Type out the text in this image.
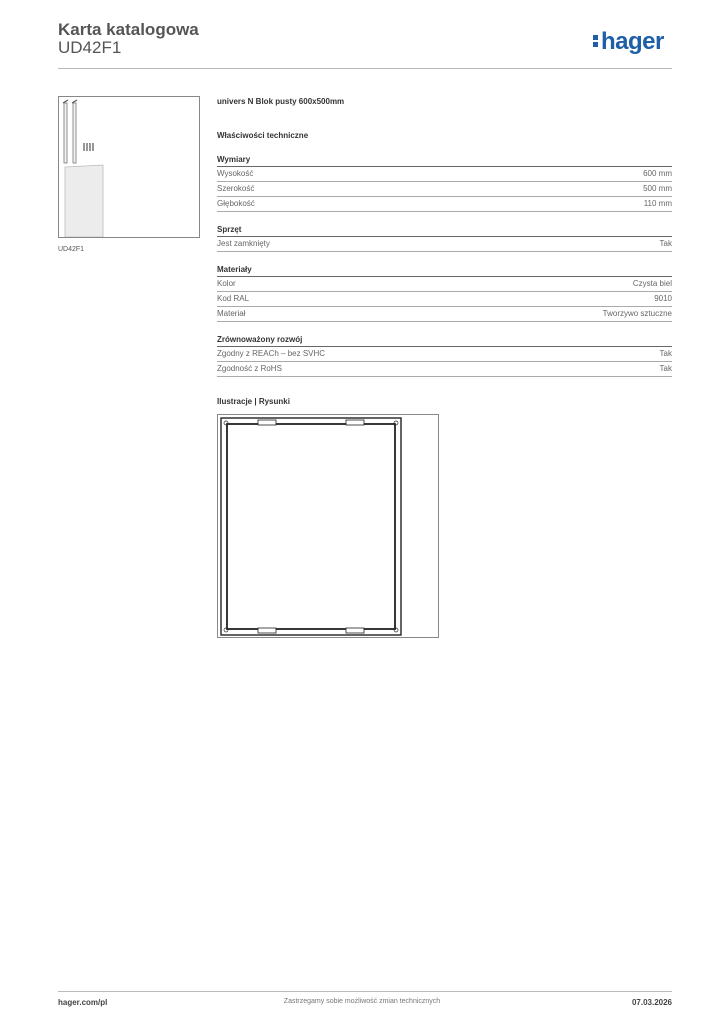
Karta katalogowa
UD42F1	hager
UD42F1
univers N Blok pusty 600x500mm
Właściwości techniczne
Wymiary
Wysokość	600 mm
Szerokość	500 mm
Głębokość	110 mm
Sprzęt
Jest zamknięty	Tak
Materiały
Kolor	Czysta biel
Kod RAL	9010
Materiał	Tworzywo sztuczne
Zrównoważony rozwój
Zgodny z REACh – bez SVHC	Tak
Zgodność z RoHS	Tak
Ilustracje | Rysunki
hager.com/pl	Zastrzegamy sobie możliwość zmian technicznych	07.03.2026
